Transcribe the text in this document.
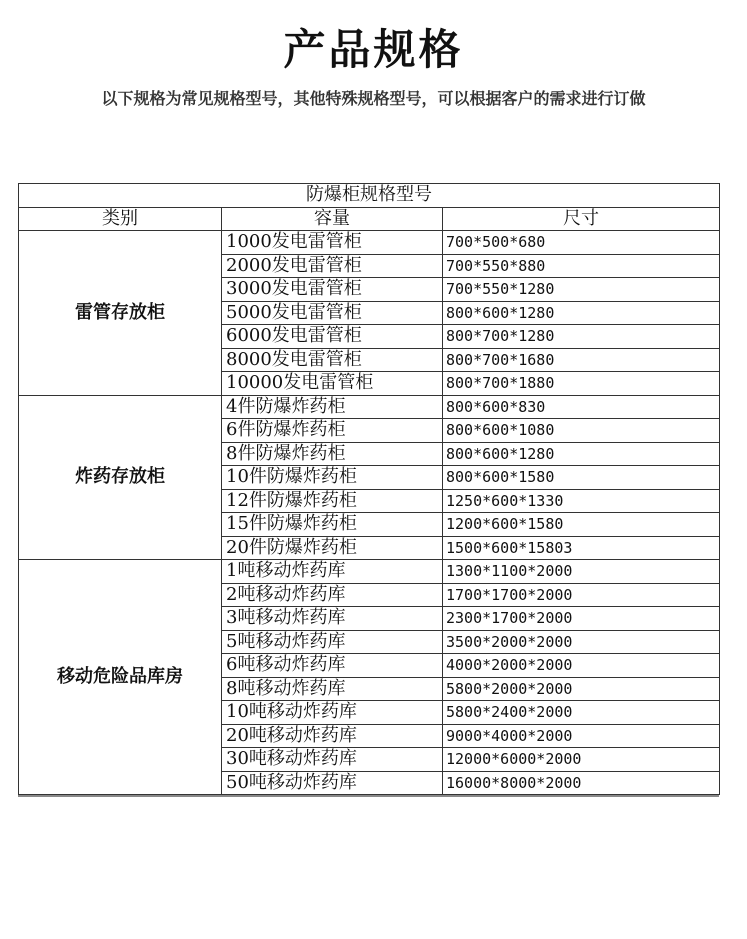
产品规格
以下规格为常见规格型号，其他特殊规格型号，可以根据客户的需求进行订做
防爆柜规格型号		
类别	容量	尺寸
雷管存放柜	1000发电雷管柜	700*500*680
	2000发电雷管柜	700*550*880
	3000发电雷管柜	700*550*1280
	5000发电雷管柜	800*600*1280
	6000发电雷管柜	800*700*1280
	8000发电雷管柜	800*700*1680
	10000发电雷管柜	800*700*1880
炸药存放柜	4件防爆炸药柜	800*600*830
	6件防爆炸药柜	800*600*1080
	8件防爆炸药柜	800*600*1280
	10件防爆炸药柜	800*600*1580
	12件防爆炸药柜	1250*600*1330
	15件防爆炸药柜	1200*600*1580
	20件防爆炸药柜	1500*600*15803
移动危险品库房	1吨移动炸药库	1300*1100*2000
	2吨移动炸药库	1700*1700*2000
	3吨移动炸药库	2300*1700*2000
	5吨移动炸药库	3500*2000*2000
	6吨移动炸药库	4000*2000*2000
	8吨移动炸药库	5800*2000*2000
	10吨移动炸药库	5800*2400*2000
	20吨移动炸药库	9000*4000*2000
	30吨移动炸药库	12000*6000*2000
	50吨移动炸药库	16000*8000*2000
